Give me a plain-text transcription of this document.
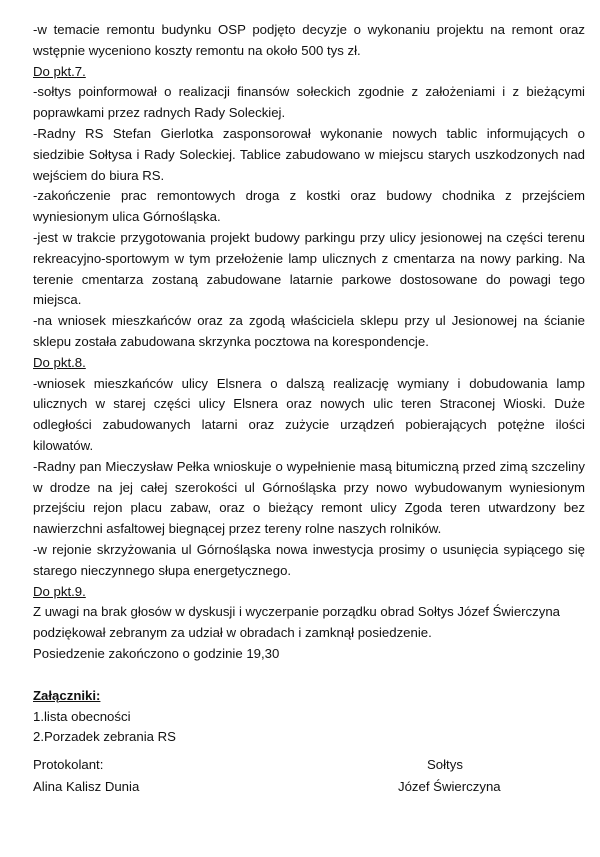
-w temacie remontu budynku OSP podjęto decyzje o wykonaniu projektu na remont oraz wstępnie wyceniono koszty remontu na około 500 tys zł.

Do pkt.7.

-sołtys poinformował o realizacji finansów sołeckich zgodnie z założeniami i z bieżącymi poprawkami przez radnych Rady Soleckiej.

-Radny RS Stefan Gierlotka zasponsorował wykonanie nowych tablic informujących o siedzibie Sołtysa i Rady Soleckiej. Tablice zabudowano w miejscu starych uszkodzonych nad wejściem do biura RS.

-zakończenie prac remontowych droga z kostki oraz budowy chodnika z przejściem wyniesionym ulica Górnośląska.

-jest w trakcie przygotowania projekt budowy parkingu przy ulicy jesionowej na części terenu rekreacyjno-sportowym w tym przełożenie lamp ulicznych z cmentarza na nowy parking. Na terenie cmentarza zostaną zabudowane latarnie parkowe dostosowane do powagi tego miejsca.

-na wniosek mieszkańców oraz za zgodą właściciela sklepu przy ul Jesionowej na ścianie sklepu została zabudowana skrzynka pocztowa na korespondencje.

Do pkt.8.

-wniosek mieszkańców ulicy Elsnera o dalszą realizację wymiany i dobudowania lamp ulicznych w starej części ulicy Elsnera oraz nowych ulic teren Straconej Wioski. Duże odległości zabudowanych latarni oraz zużycie urządzeń pobierających potężne ilości kilowatów.

-Radny pan Mieczysław Pełka wnioskuje o wypełnienie masą bitumiczną przed zimą szczeliny w drodze na jej całej szerokości ul Górnośląska przy nowo wybudowanym wyniesionym przejściu rejon placu zabaw, oraz o bieżący remont ulicy Zgoda teren utwardzony bez nawierzchni asfaltowej biegnącej przez tereny rolne naszych rolników.

-w rejonie skrzyżowania ul Górnośląska nowa inwestycja prosimy o usunięcia sypiącego się starego nieczynnego słupa energetycznego.

Do pkt.9.

Z uwagi na brak głosów w dyskusji i wyczerpanie porządku obrad Sołtys Józef Świerczyna podziękował zebranym za udział w obradach i zamknął posiedzenie.

Posiedzenie zakończono o godzinie 19,30

Załączniki:

1.lista obecności

2.Porzadek zebrania RS

Protokolant:
Alina Kalisz Dunia
Sołtys
Józef Świerczyna
